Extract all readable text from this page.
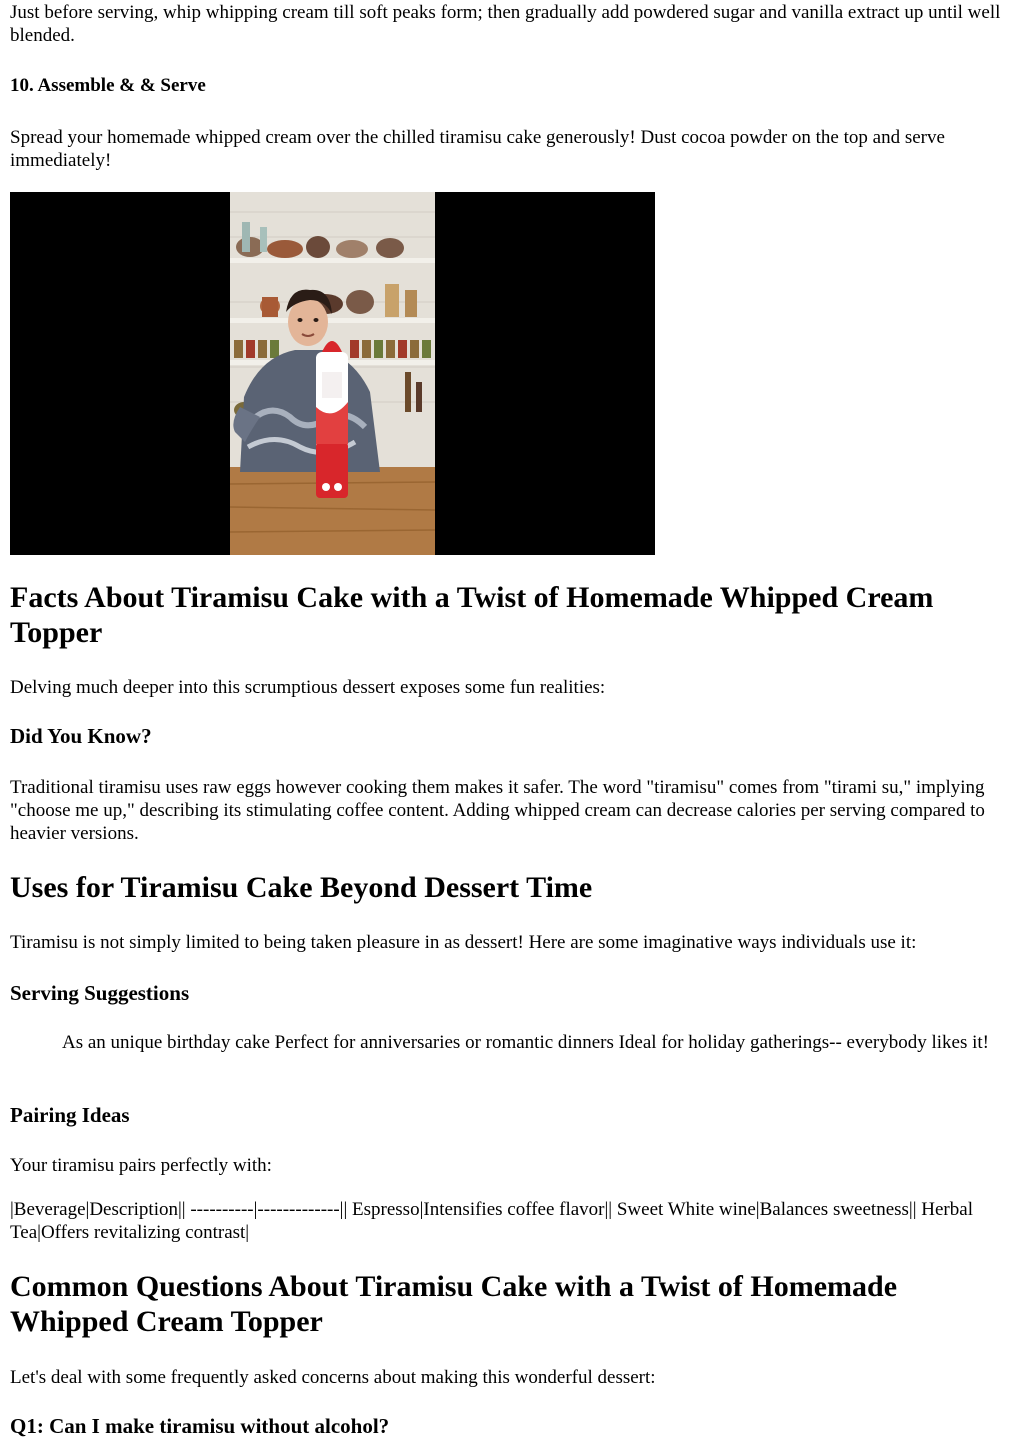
Just before serving, whip whipping cream till soft peaks form; then gradually add powdered sugar and vanilla extract up until well blended.

10. Assemble & & Serve

Spread your homemade whipped cream over the chilled tiramisu cake generously! Dust cocoa powder on the top and serve immediately!

Facts About Tiramisu Cake with a Twist of Homemade Whipped Cream Topper

Delving much deeper into this scrumptious dessert exposes some fun realities:

Did You Know?

Traditional tiramisu uses raw eggs however cooking them makes it safer. The word "tiramisu" comes from "tirami su," implying "choose me up," describing its stimulating coffee content. Adding whipped cream can decrease calories per serving compared to heavier versions.

Uses for Tiramisu Cake Beyond Dessert Time

Tiramisu is not simply limited to being taken pleasure in as dessert! Here are some imaginative ways individuals use it:

Serving Suggestions

As an unique birthday cake Perfect for anniversaries or romantic dinners Ideal for holiday gatherings-- everybody likes it!

Pairing Ideas

Your tiramisu pairs perfectly with:

|Beverage|Description|| ----------|-------------|| Espresso|Intensifies coffee flavor|| Sweet White wine|Balances sweetness|| Herbal Tea|Offers revitalizing contrast|

Common Questions About Tiramisu Cake with a Twist of Homemade Whipped Cream Topper

Let's deal with some frequently asked concerns about making this wonderful dessert:

Q1: Can I make tiramisu without alcohol?
